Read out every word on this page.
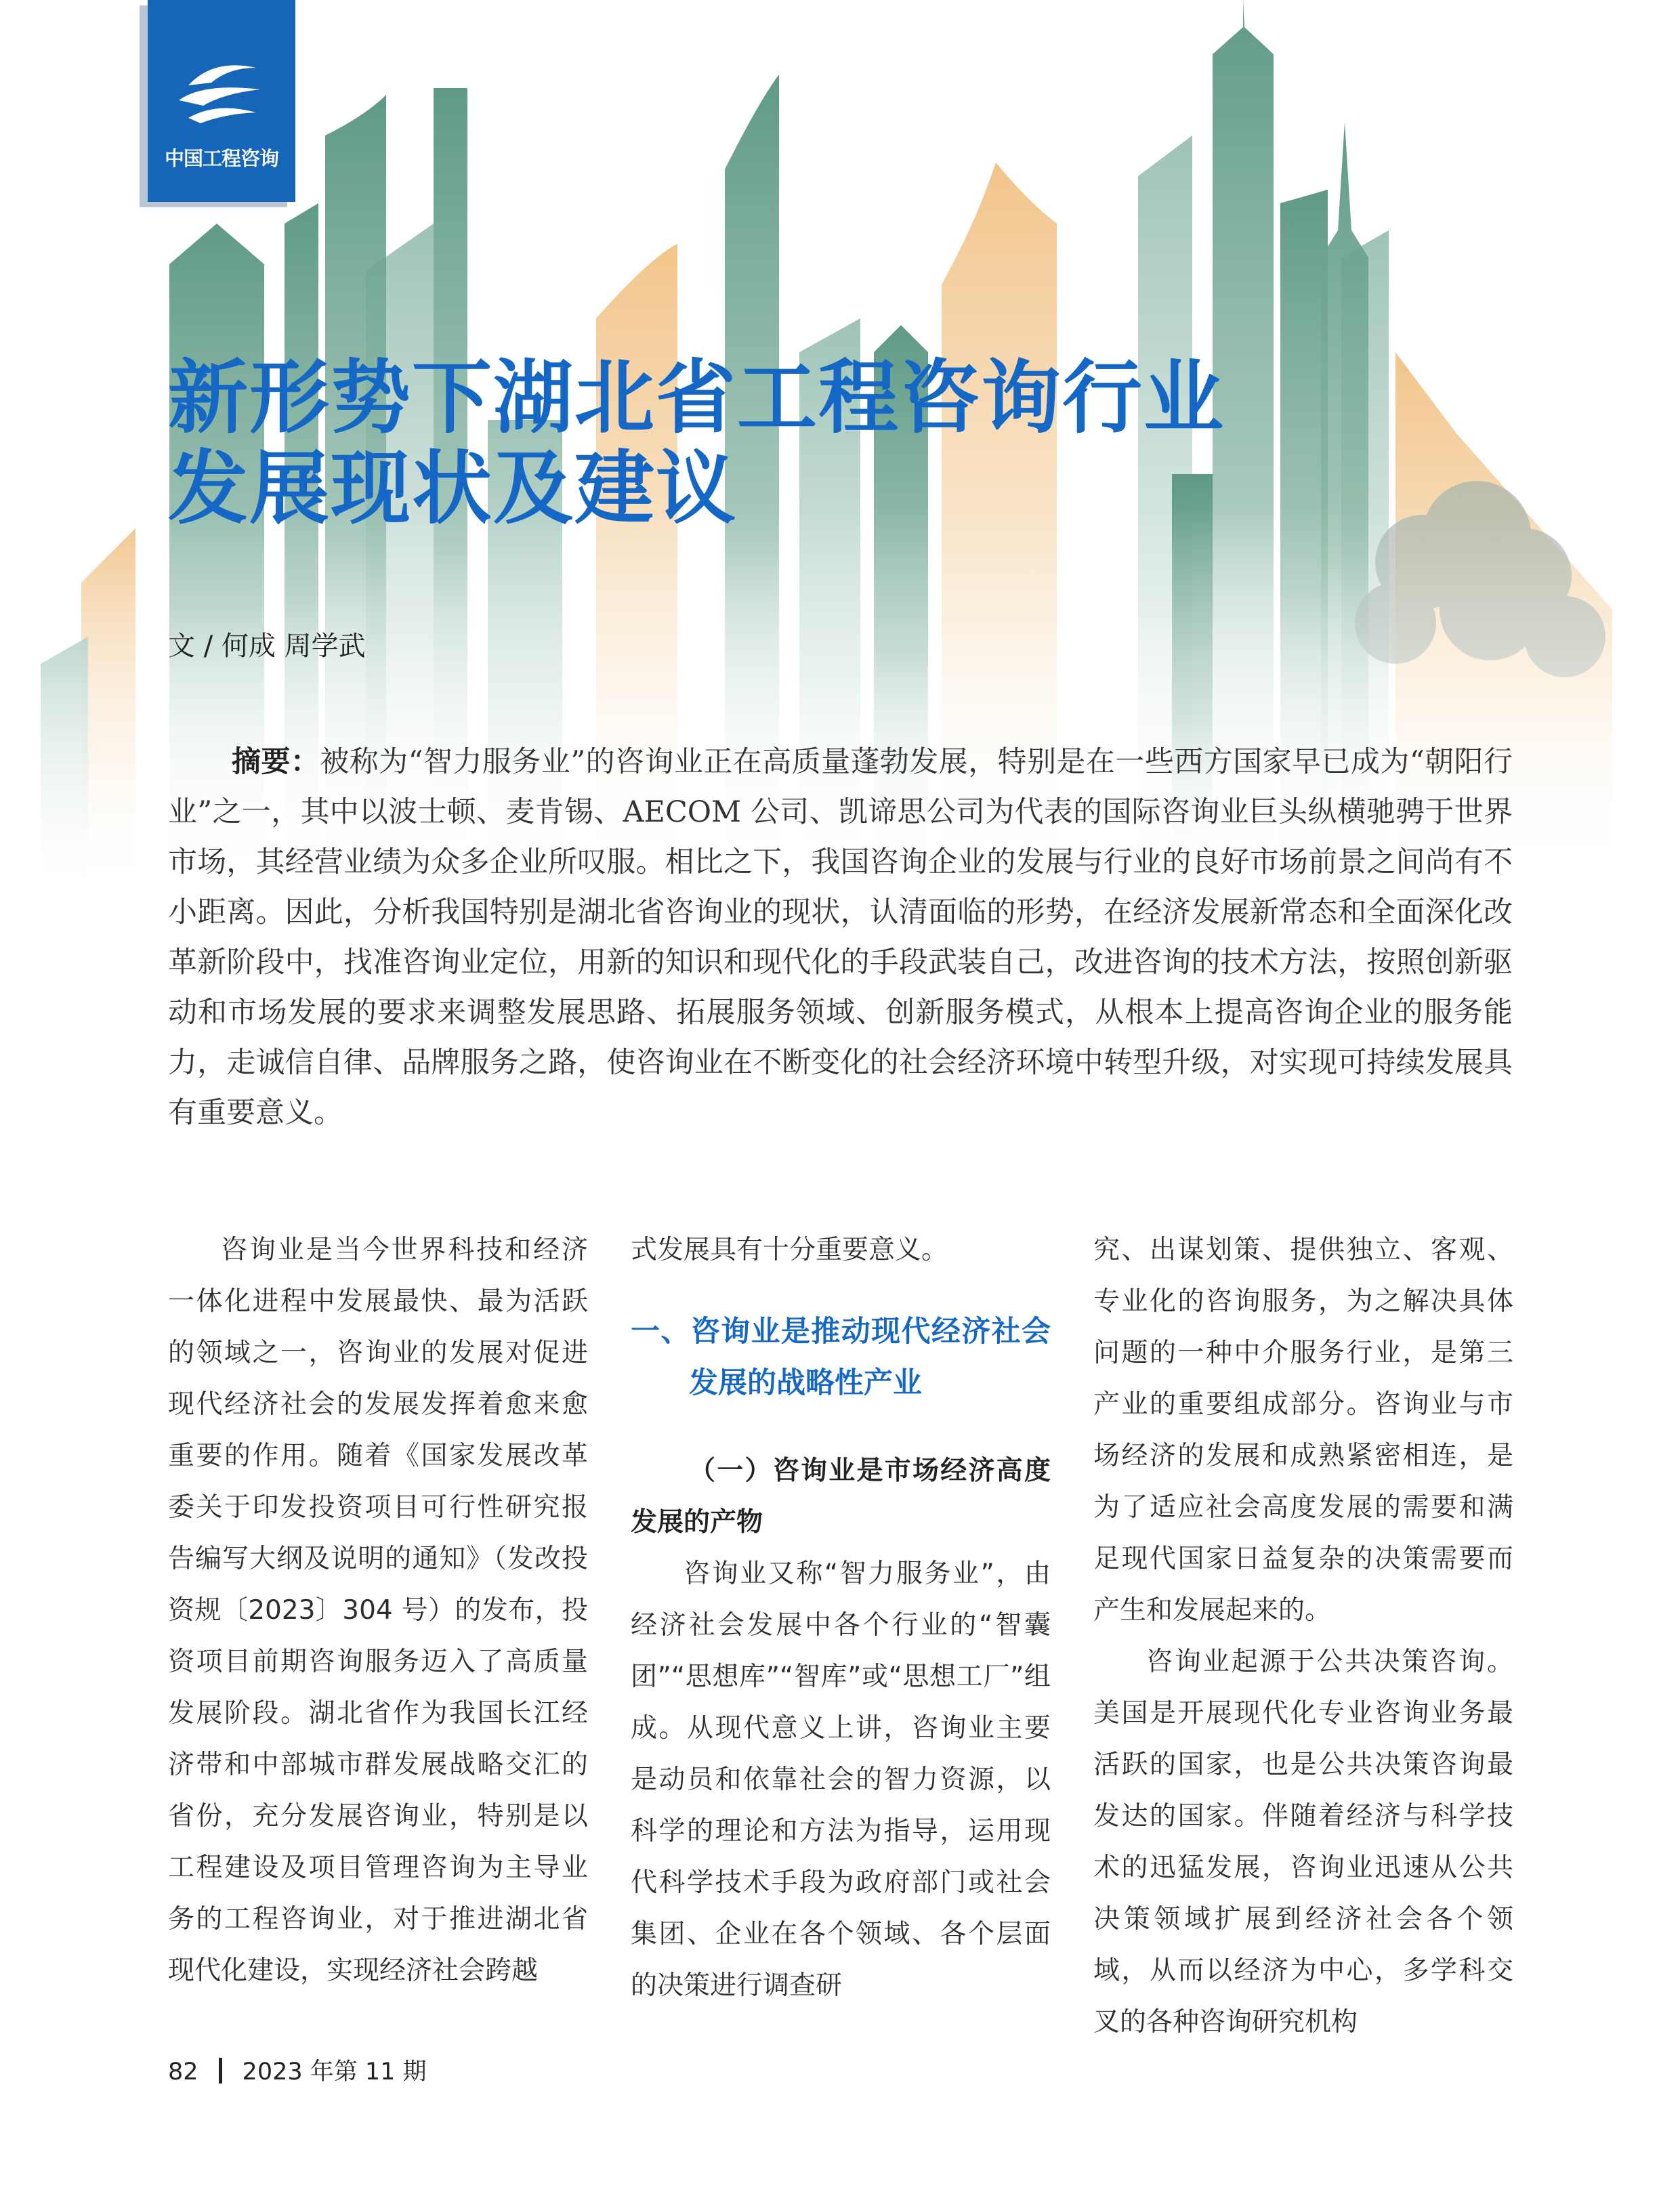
中国工程咨询
新形势下湖北省工程咨询行业
发展现状及建议
文 / 何成 周学武
摘要：被称为“智力服务业”的咨询业正在高质量蓬勃发展，特别是在一些西方国家早已成为“朝阳行业”之一，其中以波士顿、麦肯锡、AECOM 公司、凯谛思公司为代表的国际咨询业巨头纵横驰骋于世界市场，其经营业绩为众多企业所叹服。相比之下，我国咨询企业的发展与行业的良好市场前景之间尚有不小距离。因此，分析我国特别是湖北省咨询业的现状，认清面临的形势，在经济发展新常态和全面深化改革新阶段中，找准咨询业定位，用新的知识和现代化的手段武装自己，改进咨询的技术方法，按照创新驱动和市场发展的要求来调整发展思路、拓展服务领域、创新服务模式，从根本上提高咨询企业的服务能力，走诚信自律、品牌服务之路，使咨询业在不断变化的社会经济环境中转型升级，对实现可持续发展具有重要意义。

咨询业是当今世界科技和经济一体化进程中发展最快、最为活跃的领域之一，咨询业的发展对促进现代经济社会的发展发挥着愈来愈重要的作用。随着《国家发展改革委关于印发投资项目可行性研究报告编写大纲及说明的通知》（发改投资规〔2023〕304 号）的发布，投资项目前期咨询服务迈入了高质量发展阶段。湖北省作为我国长江经济带和中部城市群发展战略交汇的省份，充分发展咨询业，特别是以工程建设及项目管理咨询为主导业务的工程咨询业，对于推进湖北省现代化建设，实现经济社会跨越

式发展具有十分重要意义。

一、咨询业是推动现代经济社会发展的战略性产业

（一）咨询业是市场经济高度发展的产物

咨询业又称“智力服务业”，由经济社会发展中各个行业的“智囊团”“思想库”“智库”或“思想工厂”组成。从现代意义上讲，咨询业主要是动员和依靠社会的智力资源，以科学的理论和方法为指导，运用现代科学技术手段为政府部门或社会集团、企业在各个领域、各个层面的决策进行调查研

究、出谋划策、提供独立、客观、专业化的咨询服务，为之解决具体问题的一种中介服务行业，是第三产业的重要组成部分。咨询业与市场经济的发展和成熟紧密相连，是为了适应社会高度发展的需要和满足现代国家日益复杂的决策需要而产生和发展起来的。

咨询业起源于公共决策咨询。美国是开展现代化专业咨询业务最活跃的国家，也是公共决策咨询最发达的国家。伴随着经济与科学技术的迅猛发展，咨询业迅速从公共决策领域扩展到经济社会各个领域，从而以经济为中心，多学科交叉的各种咨询研究机构

82 2023 年第 11 期
